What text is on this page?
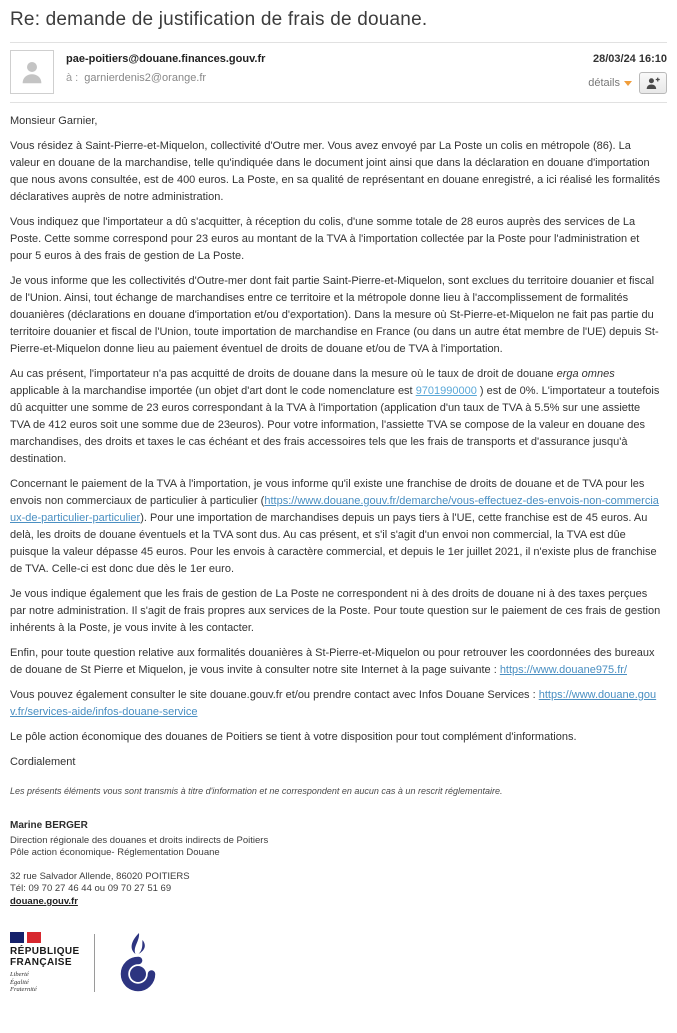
Re: demande de justification de frais de douane.
pae-poitiers@douane.finances.gouv.fr
à : garnierdenis2@orange.fr
28/03/24 16:10
détails

Monsieur Garnier,

Vous résidez à Saint-Pierre-et-Miquelon, collectivité d'Outre mer. Vous avez envoyé par La Poste un colis en métropole (86). La valeur en douane de la marchandise, telle qu'indiquée dans le document joint ainsi que dans la déclaration en douane d'importation que nous avons consultée, est de 400 euros. La Poste, en sa qualité de représentant en douane enregistré, a ici réalisé les formalités déclaratives auprès de notre administration.

Vous indiquez que l'importateur a dû s'acquitter, à réception du colis, d'une somme totale de 28 euros auprès des services de La Poste. Cette somme correspond pour 23 euros au montant de la TVA à l'importation collectée par la Poste pour l'administration et pour 5 euros à des frais de gestion de La Poste.

Je vous informe que les collectivités d'Outre-mer dont fait partie Saint-Pierre-et-Miquelon, sont exclues du territoire douanier et fiscal de l'Union. Ainsi, tout échange de marchandises entre ce territoire et la métropole donne lieu à l'accomplissement de formalités douanières (déclarations en douane d'importation et/ou d'exportation). Dans la mesure où St-Pierre-et-Miquelon ne fait pas partie du territoire douanier et fiscal de l'Union, toute importation de marchandise en France (ou dans un autre état membre de l'UE) depuis St-Pierre-et-Miquelon donne lieu au paiement éventuel de droits de douane et/ou de TVA à l'importation.

Au cas présent, l'importateur n'a pas acquitté de droits de douane dans la mesure où le taux de droit de douane erga omnes applicable à la marchandise importée (un objet d'art dont le code nomenclature est 9701990000 ) est de 0%. L'importateur a toutefois dû acquitter une somme de 23 euros correspondant à la TVA à l'importation (application d'un taux de TVA à 5.5% sur une assiette TVA de 412 euros soit une somme due de 23euros). Pour votre information, l'assiette TVA se compose de la valeur en douane des marchandises, des droits et taxes le cas échéant et des frais accessoires tels que les frais de transports et d'assurance jusqu'à destination.

Concernant le paiement de la TVA à l'importation, je vous informe qu'il existe une franchise de droits de douane et de TVA pour les envois non commerciaux de particulier à particulier (https://www.douane.gouv.fr/demarche/vous-effectuez-des-envois-non-commerciaux-de-particulier-particulier). Pour une importation de marchandises depuis un pays tiers à l'UE, cette franchise est de 45 euros. Au delà, les droits de douane éventuels et la TVA sont dus. Au cas présent, et s'il s'agit d'un envoi non commercial, la TVA est dûe puisque la valeur dépasse 45 euros. Pour les envois à caractère commercial, et depuis le 1er juillet 2021, il n'existe plus de franchise de TVA. Celle-ci est donc due dès le 1er euro.

Je vous indique également que les frais de gestion de La Poste ne correspondent ni à des droits de douane ni à des taxes perçues par notre administration. Il s'agit de frais propres aux services de la Poste. Pour toute question sur le paiement de ces frais de gestion inhérents à la Poste, je vous invite à les contacter.

Enfin, pour toute question relative aux formalités douanières à St-Pierre-et-Miquelon ou pour retrouver les coordonnées des bureaux de douane de St Pierre et Miquelon, je vous invite à consulter notre site Internet à la page suivante : https://www.douane975.fr/

Vous pouvez également consulter le site douane.gouv.fr et/ou prendre contact avec Infos Douane Services : https://www.douane.gouv.fr/services-aide/infos-douane-service

Le pôle action économique des douanes de Poitiers se tient à votre disposition pour tout complément d'informations.

Cordialement

Les présents éléments vous sont transmis à titre d'information et ne correspondent en aucun cas à un rescrit réglementaire.
Marine BERGER
Direction régionale des douanes et droits indirects de Poitiers
Pôle action économique- Réglementation Douane
32 rue Salvador Allende, 86020 POITIERS
Tél: 09 70 27 46 44 ou 09 70 27 51 69
douane.gouv.fr
RÉPUBLIQUE
FRANÇAISE
Liberté
Égalité
Fraternité
